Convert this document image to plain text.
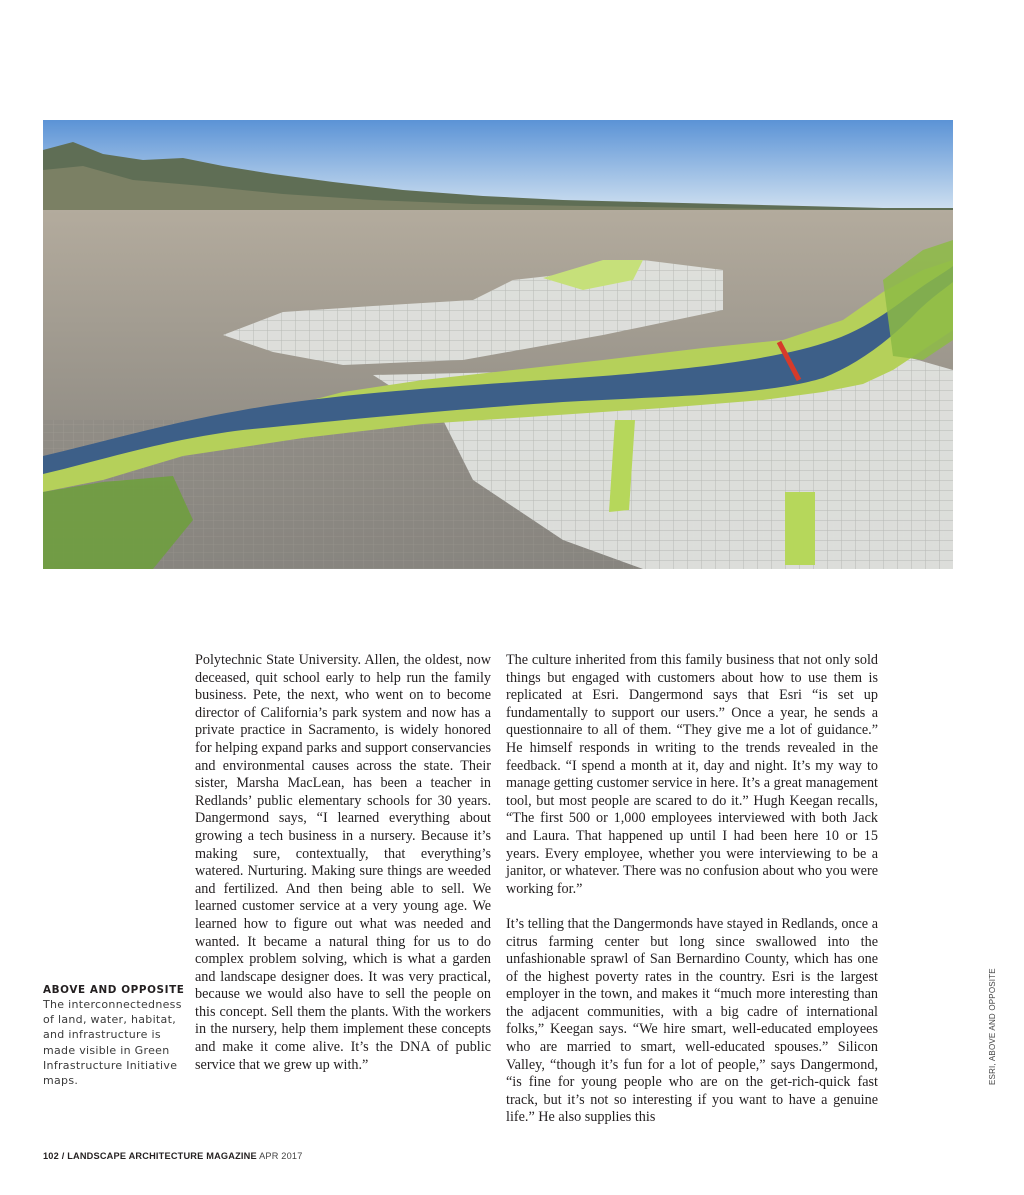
Polytechnic State University. Allen, the oldest, now deceased, quit school early to help run the family business. Pete, the next, who went on to become director of California’s park system and now has a private practice in Sacramento, is widely honored for helping expand parks and support conservancies and environmental causes across the state. Their sister, Marsha MacLean, has been a teacher in Redlands’ public elementary schools for 30 years. Dangermond says, “I learned everything about growing a tech business in a nursery. Because it’s making sure, contextually, that everything’s watered. Nurturing. Making sure things are weeded and fertilized. And then being able to sell. We learned customer service at a very young age. We learned how to figure out what was needed and wanted. It became a natural thing for us to do complex problem solving, which is what a garden and landscape designer does. It was very practical, because we would also have to sell the people on this concept. Sell them the plants. With the workers in the nursery, help them implement these concepts and make it come alive. It’s the DNA of public service that we grew up with.”

The culture inherited from this family business that not only sold things but engaged with customers about how to use them is replicated at Esri. Dangermond says that Esri “is set up fundamentally to support our users.” Once a year, he sends a questionnaire to all of them. “They give me a lot of guidance.” He himself responds in writing to the trends revealed in the feedback. “I spend a month at it, day and night. It’s my way to manage getting customer service in here. It’s a great management tool, but most people are scared to do it.” Hugh Keegan recalls, “The first 500 or 1,000 employees interviewed with both Jack and Laura. That happened up until I had been here 10 or 15 years. Every employee, whether you were interviewing to be a janitor, or whatever. There was no confusion about who you were working for.”

It’s telling that the Dangermonds have stayed in Redlands, once a citrus farming center but long since swallowed into the unfashionable sprawl of San Bernardino County, which has one of the highest poverty rates in the country. Esri is the largest employer in the town, and makes it “much more interesting than the adjacent communities, with a big cadre of international folks,” Keegan says. “We hire smart, well-educated employees who are married to smart, well-educated spouses.” Silicon Valley, “though it’s fun for a lot of people,” says Dangermond, “is fine for young people who are on the get-rich-quick fast track, but it’s not so interesting if you want to have a genuine life.” He also supplies this

ABOVE AND OPPOSITE

The interconnectedness of land, water, habitat, and infrastructure is made visible in Green Infrastructure Initiative maps.	ESRI, ABOVE AND OPPOSITE
102 / LANDSCAPE ARCHITECTURE MAGAZINE APR 2017
